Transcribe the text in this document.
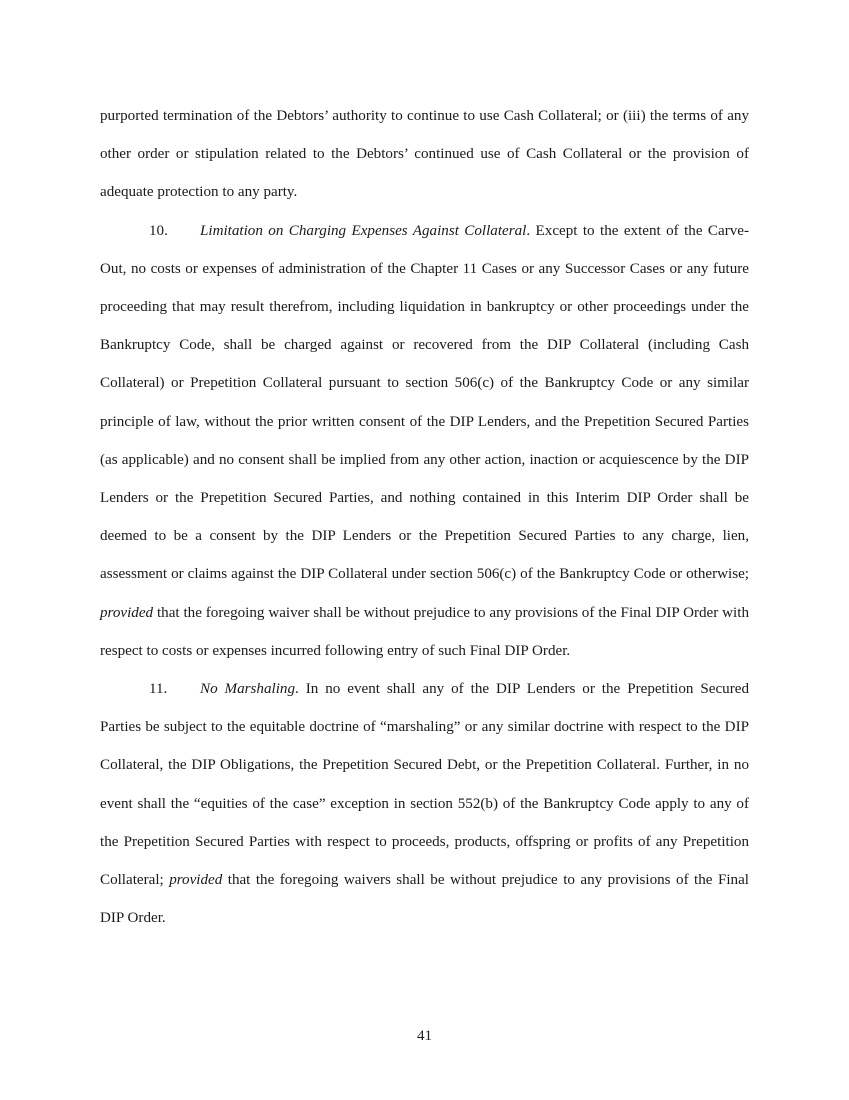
purported termination of the Debtors’ authority to continue to use Cash Collateral; or (iii) the terms of any other order or stipulation related to the Debtors’ continued use of Cash Collateral or the provision of adequate protection to any party.

10. Limitation on Charging Expenses Against Collateral. Except to the extent of the Carve-Out, no costs or expenses of administration of the Chapter 11 Cases or any Successor Cases or any future proceeding that may result therefrom, including liquidation in bankruptcy or other proceedings under the Bankruptcy Code, shall be charged against or recovered from the DIP Collateral (including Cash Collateral) or Prepetition Collateral pursuant to section 506(c) of the Bankruptcy Code or any similar principle of law, without the prior written consent of the DIP Lenders, and the Prepetition Secured Parties (as applicable) and no consent shall be implied from any other action, inaction or acquiescence by the DIP Lenders or the Prepetition Secured Parties, and nothing contained in this Interim DIP Order shall be deemed to be a consent by the DIP Lenders or the Prepetition Secured Parties to any charge, lien, assessment or claims against the DIP Collateral under section 506(c) of the Bankruptcy Code or otherwise; provided that the foregoing waiver shall be without prejudice to any provisions of the Final DIP Order with respect to costs or expenses incurred following entry of such Final DIP Order.

11. No Marshaling. In no event shall any of the DIP Lenders or the Prepetition Secured Parties be subject to the equitable doctrine of “marshaling” or any similar doctrine with respect to the DIP Collateral, the DIP Obligations, the Prepetition Secured Debt, or the Prepetition Collateral. Further, in no event shall the “equities of the case” exception in section 552(b) of the Bankruptcy Code apply to any of the Prepetition Secured Parties with respect to proceeds, products, offspring or profits of any Prepetition Collateral; provided that the foregoing waivers shall be without prejudice to any provisions of the Final DIP Order.

41
